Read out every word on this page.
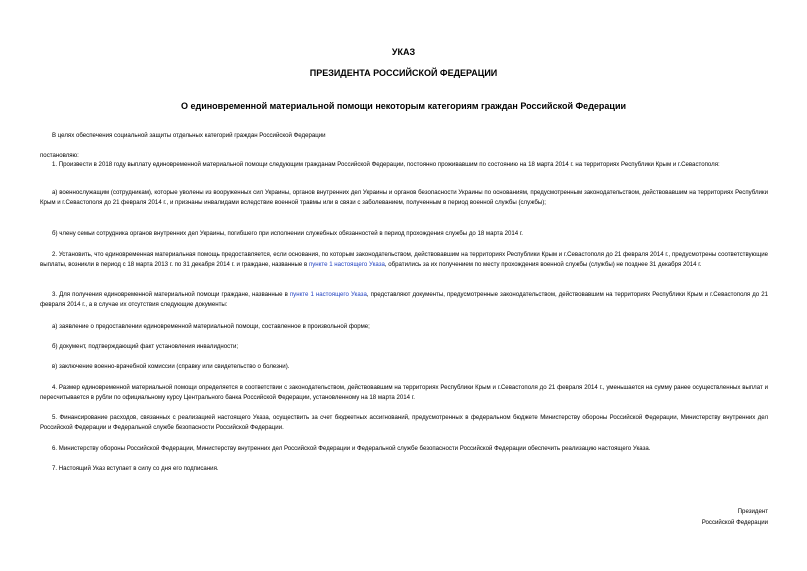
УКАЗ
ПРЕЗИДЕНТА РОССИЙСКОЙ ФЕДЕРАЦИИ
О единовременной материальной помощи некоторым категориям граждан Российской Федерации
В целях обеспечения социальной защиты отдельных категорий граждан Российской Федерации
постановляю:
1. Произвести в 2018 году выплату единовременной материальной помощи следующим гражданам Российской Федерации, постоянно проживавшим по состоянию на 18 марта 2014 г. на территориях Республики Крым и г.Севастополя:
а) военнослужащим (сотрудникам), которые уволены из вооруженных сил Украины, органов внутренних дел Украины и органов безопасности Украины по основаниям, предусмотренным законодательством, действовавшим на территориях Республики Крым и г.Севастополя до 21 февраля 2014 г., и признаны инвалидами вследствие военной травмы или в связи с заболеванием, полученным в период военной службы (службы);
б) члену семьи сотрудника органов внутренних дел Украины, погибшего при исполнении служебных обязанностей в период прохождения службы до 18 марта 2014 г.
2. Установить, что единовременная материальная помощь предоставляется, если основания, по которым законодательством, действовавшим на территориях Республики Крым и г.Севастополя до 21 февраля 2014 г., предусмотрены соответствующие выплаты, возникли в период с 18 марта 2013 г. по 31 декабря 2014 г. и граждане, названные в пункте 1 настоящего Указа, обратились за их получением по месту прохождения военной службы (службы) не позднее 31 декабря 2014 г.
3. Для получения единовременной материальной помощи граждане, названные в пункте 1 настоящего Указа, представляют документы, предусмотренные законодательством, действовавшим на территориях Республики Крым и г.Севастополя до 21 февраля 2014 г., а в случае их отсутствия следующие документы:
а) заявление о предоставлении единовременной материальной помощи, составленное в произвольной форме;
б) документ, подтверждающий факт установления инвалидности;
в) заключение военно-врачебной комиссии (справку или свидетельство о болезни).
4. Размер единовременной материальной помощи определяется в соответствии с законодательством, действовавшим на территориях Республики Крым и г.Севастополя до 21 февраля 2014 г., уменьшается на сумму ранее осуществленных выплат и пересчитывается в рубли по официальному курсу Центрального банка Российской Федерации, установленному на 18 марта 2014 г.
5. Финансирование расходов, связанных с реализацией настоящего Указа, осуществить за счет бюджетных ассигнований, предусмотренных в федеральном бюджете Министерству обороны Российской Федерации, Министерству внутренних дел Российской Федерации и Федеральной службе безопасности Российской Федерации.
6. Министерству обороны Российской Федерации, Министерству внутренних дел Российской Федерации и Федеральной службе безопасности Российской Федерации обеспечить реализацию настоящего Указа.
7. Настоящий Указ вступает в силу со дня его подписания.
Президент
Российской Федерации
